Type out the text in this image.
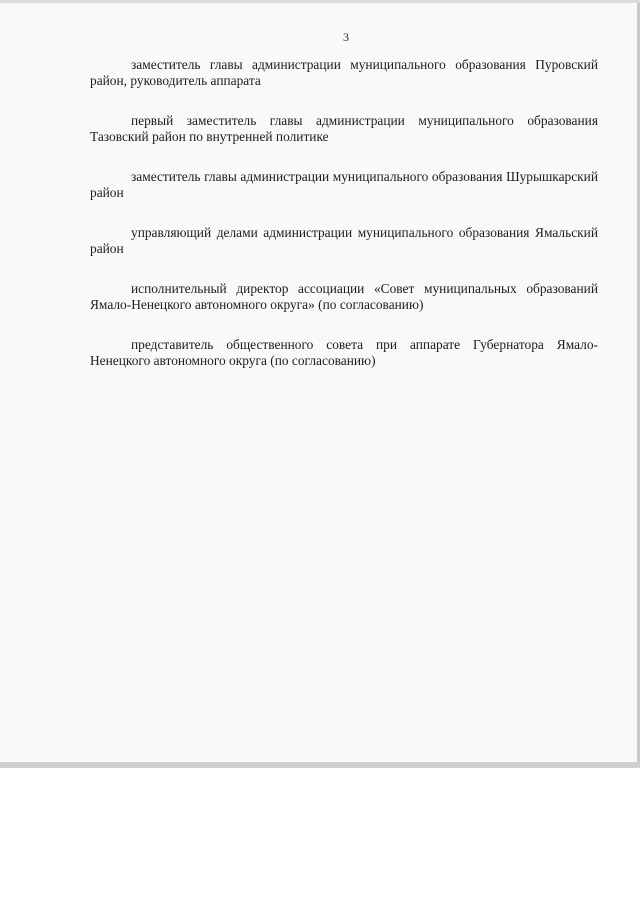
3

заместитель главы администрации муниципального образования Пуровский район, руководитель аппарата

первый заместитель главы администрации муниципального образования Тазовский район по внутренней политике

заместитель главы администрации муниципального образования Шурышкарский район

управляющий делами администрации муниципального образования Ямальский район

исполнительный директор ассоциации «Совет муниципальных образований Ямало-Ненецкого автономного округа» (по согласованию)

представитель общественного совета при аппарате Губернатора Ямало-Ненецкого автономного округа (по согласованию)
